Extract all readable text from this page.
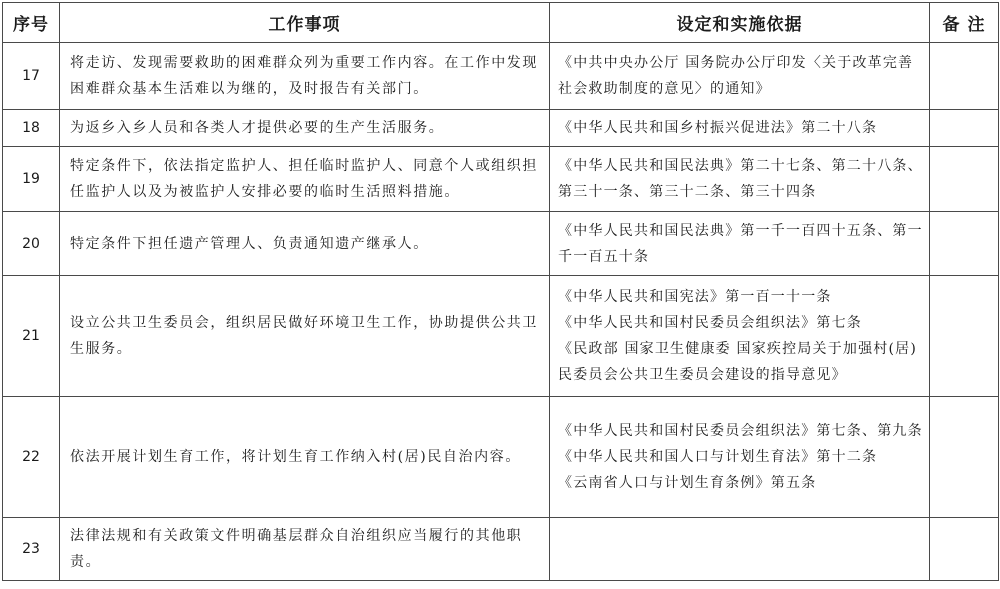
序号	工作事项	设定和实施依据	备 注
17	将走访、发现需要救助的困难群众列为重要工作内容。在工作中发现困难群众基本生活难以为继的，及时报告有关部门。	《中共中央办公厅 国务院办公厅印发〈关于改革完善社会救助制度的意见〉的通知》	

18	为返乡入乡人员和各类人才提供必要的生产生活服务。	《中华人民共和国乡村振兴促进法》第二十八条	

19	特定条件下，依法指定监护人、担任临时监护人、同意个人或组织担任监护人以及为被监护人安排必要的临时生活照料措施。	《中华人民共和国民法典》第二十七条、第二十八条、第三十一条、第三十二条、第三十四条	

20	特定条件下担任遗产管理人、负责通知遗产继承人。	《中华人民共和国民法典》第一千一百四十五条、第一千一百五十条	

21	设立公共卫生委员会，组织居民做好环境卫生工作，协助提供公共卫生服务。	《中华人民共和国宪法》第一百一十一条
《中华人民共和国村民委员会组织法》第七条
《民政部 国家卫生健康委 国家疾控局关于加强村(居)民委员会公共卫生委员会建设的指导意见》	

22	依法开展计划生育工作，将计划生育工作纳入村(居)民自治内容。	《中华人民共和国村民委员会组织法》第七条、第九条
《中华人民共和国人口与计划生育法》第十二条
《云南省人口与计划生育条例》第五条	

23	法律法规和有关政策文件明确基层群众自治组织应当履行的其他职责。		
